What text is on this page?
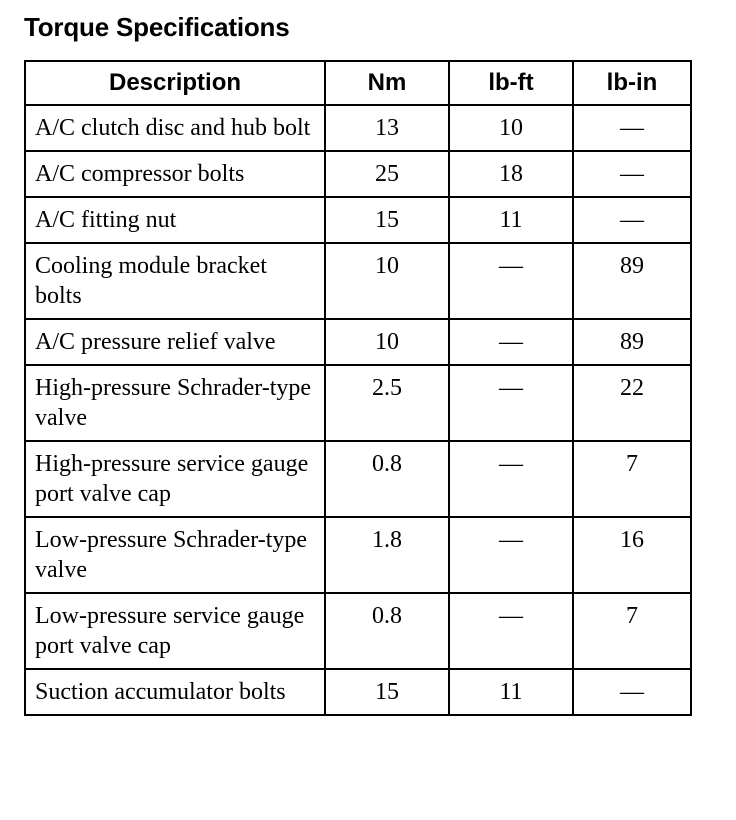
Torque Specifications
Description	Nm	lb-ft	lb-in
A/C clutch disc and hub bolt	13	10	—
A/C compressor bolts	25	18	—
A/C fitting nut	15	11	—
Cooling module bracket bolts	10	—	89
A/C pressure relief valve	10	—	89
High-pressure Schrader-type valve	2.5	—	22
High-pressure service gauge port valve cap	0.8	—	7
Low-pressure Schrader-type valve	1.8	—	16
Low-pressure service gauge port valve cap	0.8	—	7
Suction accumulator bolts	15	11	—
